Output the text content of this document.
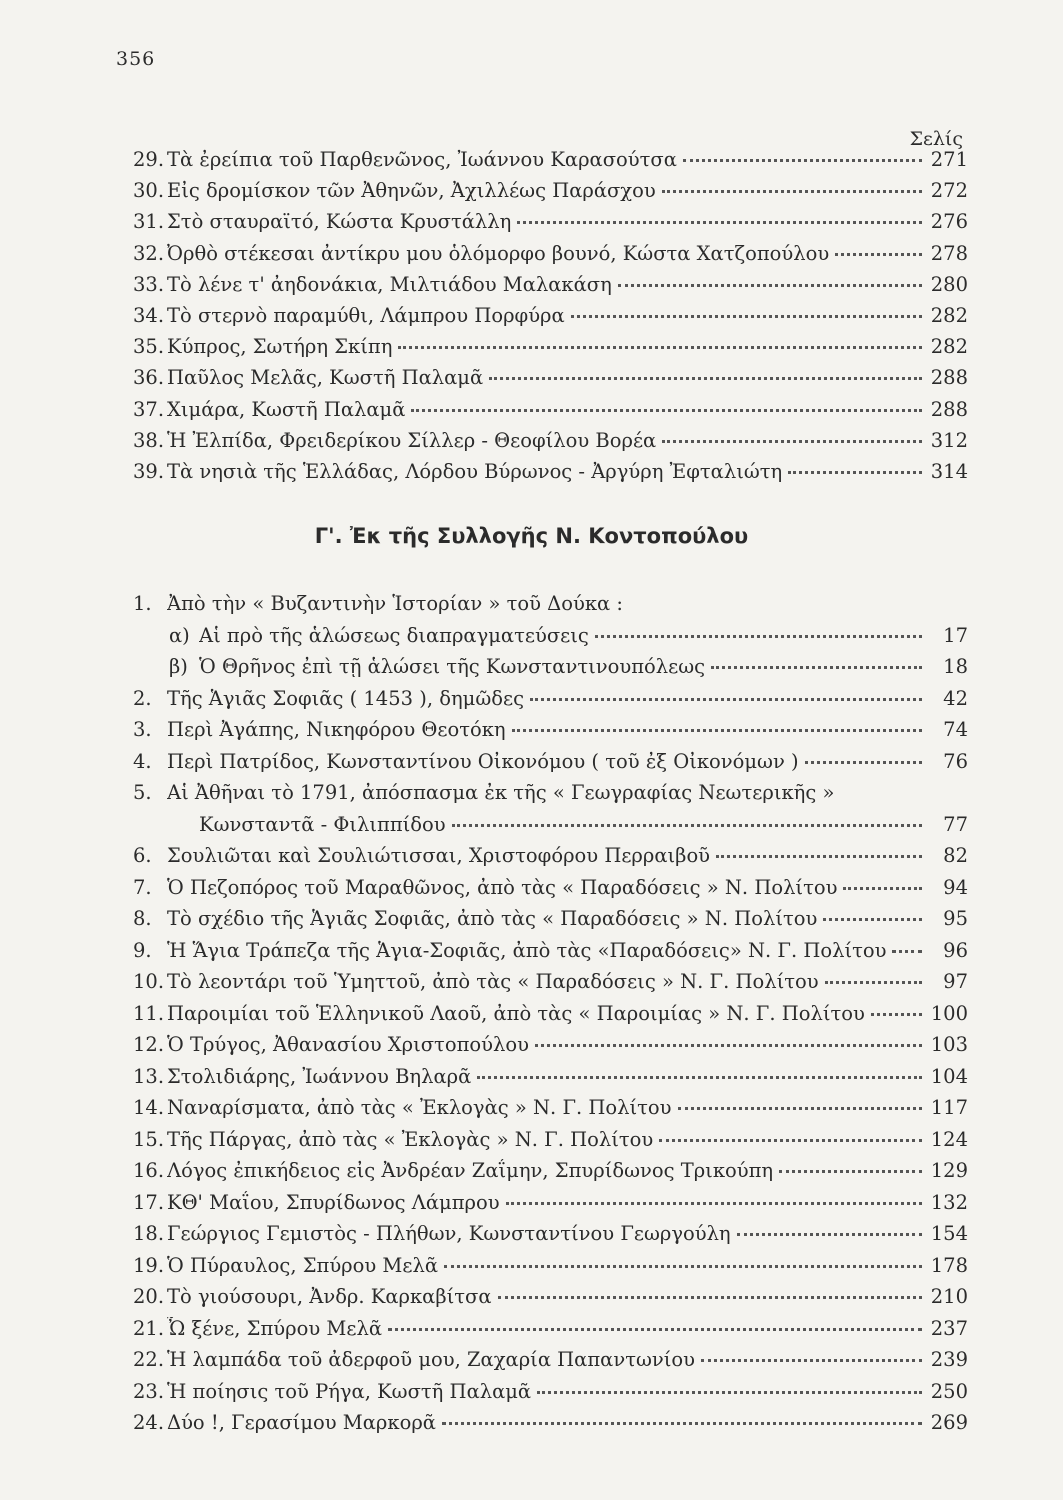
356
Σελίς
29. Τὰ ἐρείπια τοῦ Παρθενῶνος, Ἰωάννου Καρασούτσα	271
30. Εἰς δρομίσκον τῶν Ἀθηνῶν, Ἀχιλλέως Παράσχου	272
31. Στὸ σταυραϊτό, Κώστα Κρυστάλλη	276
32. Ὀρθὸ στέκεσαι ἀντίκρυ μου ὁλόμορφο βουνό, Κώστα Χατζοπούλου	278
33. Τὸ λένε τ' ἀηδονάκια, Μιλτιάδου Μαλακάση	280
34. Τὸ στερνὸ παραμύθι, Λάμπρου Πορφύρα	282
35. Κύπρος, Σωτήρη Σκίπη	282
36. Παῦλος Μελᾶς, Κωστῆ Παλαμᾶ	288
37. Χιμάρα, Κωστῆ Παλαμᾶ	288
38. Ἡ Ἐλπίδα, Φρειδερίκου Σίλλερ - Θεοφίλου Βορέα	312
39. Τὰ νησιὰ τῆς Ἑλλάδας, Λόρδου Βύρωνος - Ἀργύρη Ἐφταλιώτη	314
Γ'. Ἐκ τῆς Συλλογῆς Ν. Κοντοπούλου
1. Ἀπὸ τὴν « Βυζαντινὴν Ἱστορίαν » τοῦ Δούκα :
α) Αἱ πρὸ τῆς ἁλώσεως διαπραγματεύσεις	17
β) Ὁ Θρῆνος ἐπὶ τῇ ἁλώσει τῆς Κωνσταντινουπόλεως	18
2. Τῆς Ἁγιᾶς Σοφιᾶς ( 1453 ), δημῶδες	42
3. Περὶ Ἀγάπης, Νικηφόρου Θεοτόκη	74
4. Περὶ Πατρίδος, Κωνσταντίνου Οἰκονόμου ( τοῦ ἐξ Οἰκονόμων )	76
5. Αἱ Ἀθῆναι τὸ 1791, ἀπόσπασμα ἐκ τῆς « Γεωγραφίας Νεωτερικῆς »
Κωνσταντᾶ - Φιλιππίδου	77
6. Σουλιῶται καὶ Σουλιώτισσαι, Χριστοφόρου Περραιβοῦ	82
7. Ὁ Πεζοπόρος τοῦ Μαραθῶνος, ἀπὸ τὰς « Παραδόσεις » Ν. Πολίτου	94
8. Τὸ σχέδιο τῆς Ἁγιᾶς Σοφιᾶς, ἀπὸ τὰς « Παραδόσεις » Ν. Πολίτου	95
9. Ἡ Ἅγια Τράπεζα τῆς Ἁγια-Σοφιᾶς, ἀπὸ τὰς «Παραδόσεις» Ν. Γ. Πολίτου	96
10. Τὸ λεοντάρι τοῦ Ὑμηττοῦ, ἀπὸ τὰς « Παραδόσεις » Ν. Γ. Πολίτου	97
11. Παροιμίαι τοῦ Ἑλληνικοῦ Λαοῦ, ἀπὸ τὰς « Παροιμίας » Ν. Γ. Πολίτου	100
12. Ὁ Τρύγος, Ἀθανασίου Χριστοπούλου	103
13. Στολιδιάρης, Ἰωάννου Βηλαρᾶ	104
14. Ναναρίσματα, ἀπὸ τὰς « Ἐκλογὰς » Ν. Γ. Πολίτου	117
15. Τῆς Πάργας, ἀπὸ τὰς « Ἐκλογὰς » Ν. Γ. Πολίτου	124
16. Λόγος ἐπικήδειος εἰς Ἀνδρέαν Ζαΐμην, Σπυρίδωνος Τρικούπη	129
17. ΚΘ' Μαΐου, Σπυρίδωνος Λάμπρου	132
18. Γεώργιος Γεμιστὸς - Πλήθων, Κωνσταντίνου Γεωργούλη	154
19. Ὁ Πύραυλος, Σπύρου Μελᾶ	178
20. Τὸ γιούσουρι, Ἀνδρ. Καρκαβίτσα	210
21. Ὦ ξένε, Σπύρου Μελᾶ	237
22. Ἡ λαμπάδα τοῦ ἀδερφοῦ μου, Ζαχαρία Παπαντωνίου	239
23. Ἡ ποίησις τοῦ Ρήγα, Κωστῆ Παλαμᾶ	250
24. Δύο !, Γερασίμου Μαρκορᾶ	269
